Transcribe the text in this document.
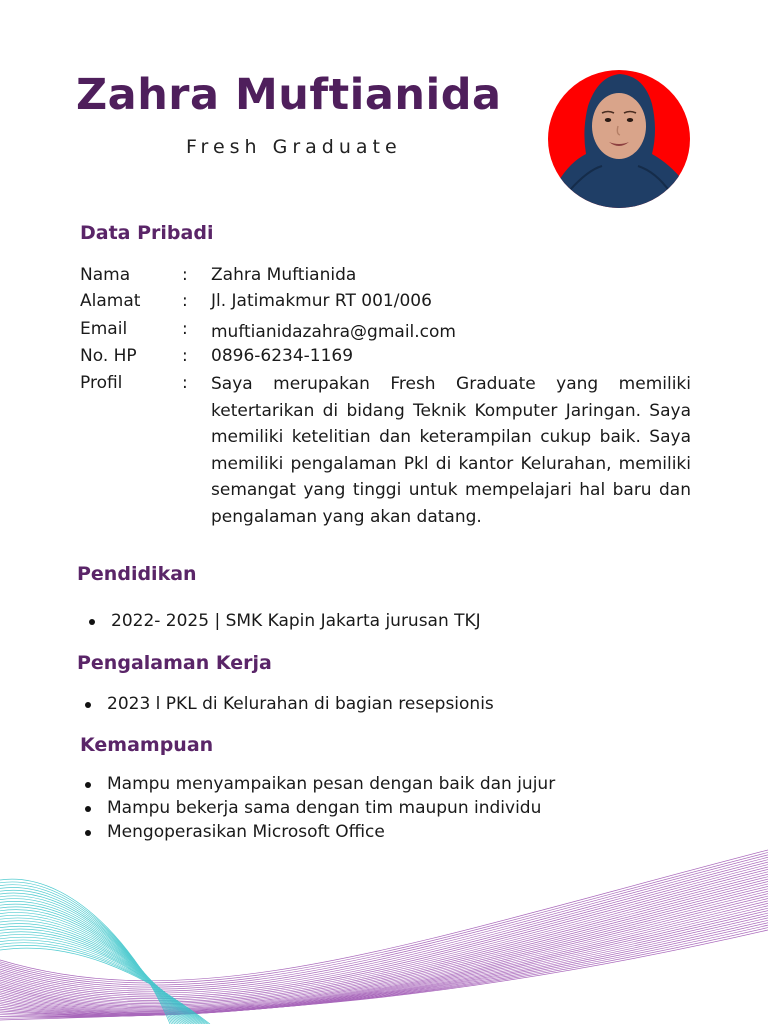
Zahra Muftianida
Fresh Graduate
Data Pribadi
Nama	: Zahra Muftianida
Alamat : Jl. Jatimakmur RT 001/006
Email	: muftianidazahra@gmail.com
No. HP	: 0896-6234-1169
Profil	: Saya merupakan Fresh Graduate yang memiliki ketertarikan di bidang Teknik Komputer Jaringan. Saya memiliki ketelitian dan keterampilan cukup baik. Saya memiliki pengalaman Pkl di kantor Kelurahan, memiliki semangat yang tinggi untuk mempelajari hal baru dan pengalaman yang akan datang.
Pendidikan
2022- 2025 | SMK Kapin Jakarta jurusan TKJ
Pengalaman Kerja
2023 l PKL di Kelurahan di bagian resepsionis
Kemampuan
Mampu menyampaikan pesan dengan baik dan jujur
Mampu bekerja sama dengan tim maupun individu
Mengoperasikan Microsoft Office
